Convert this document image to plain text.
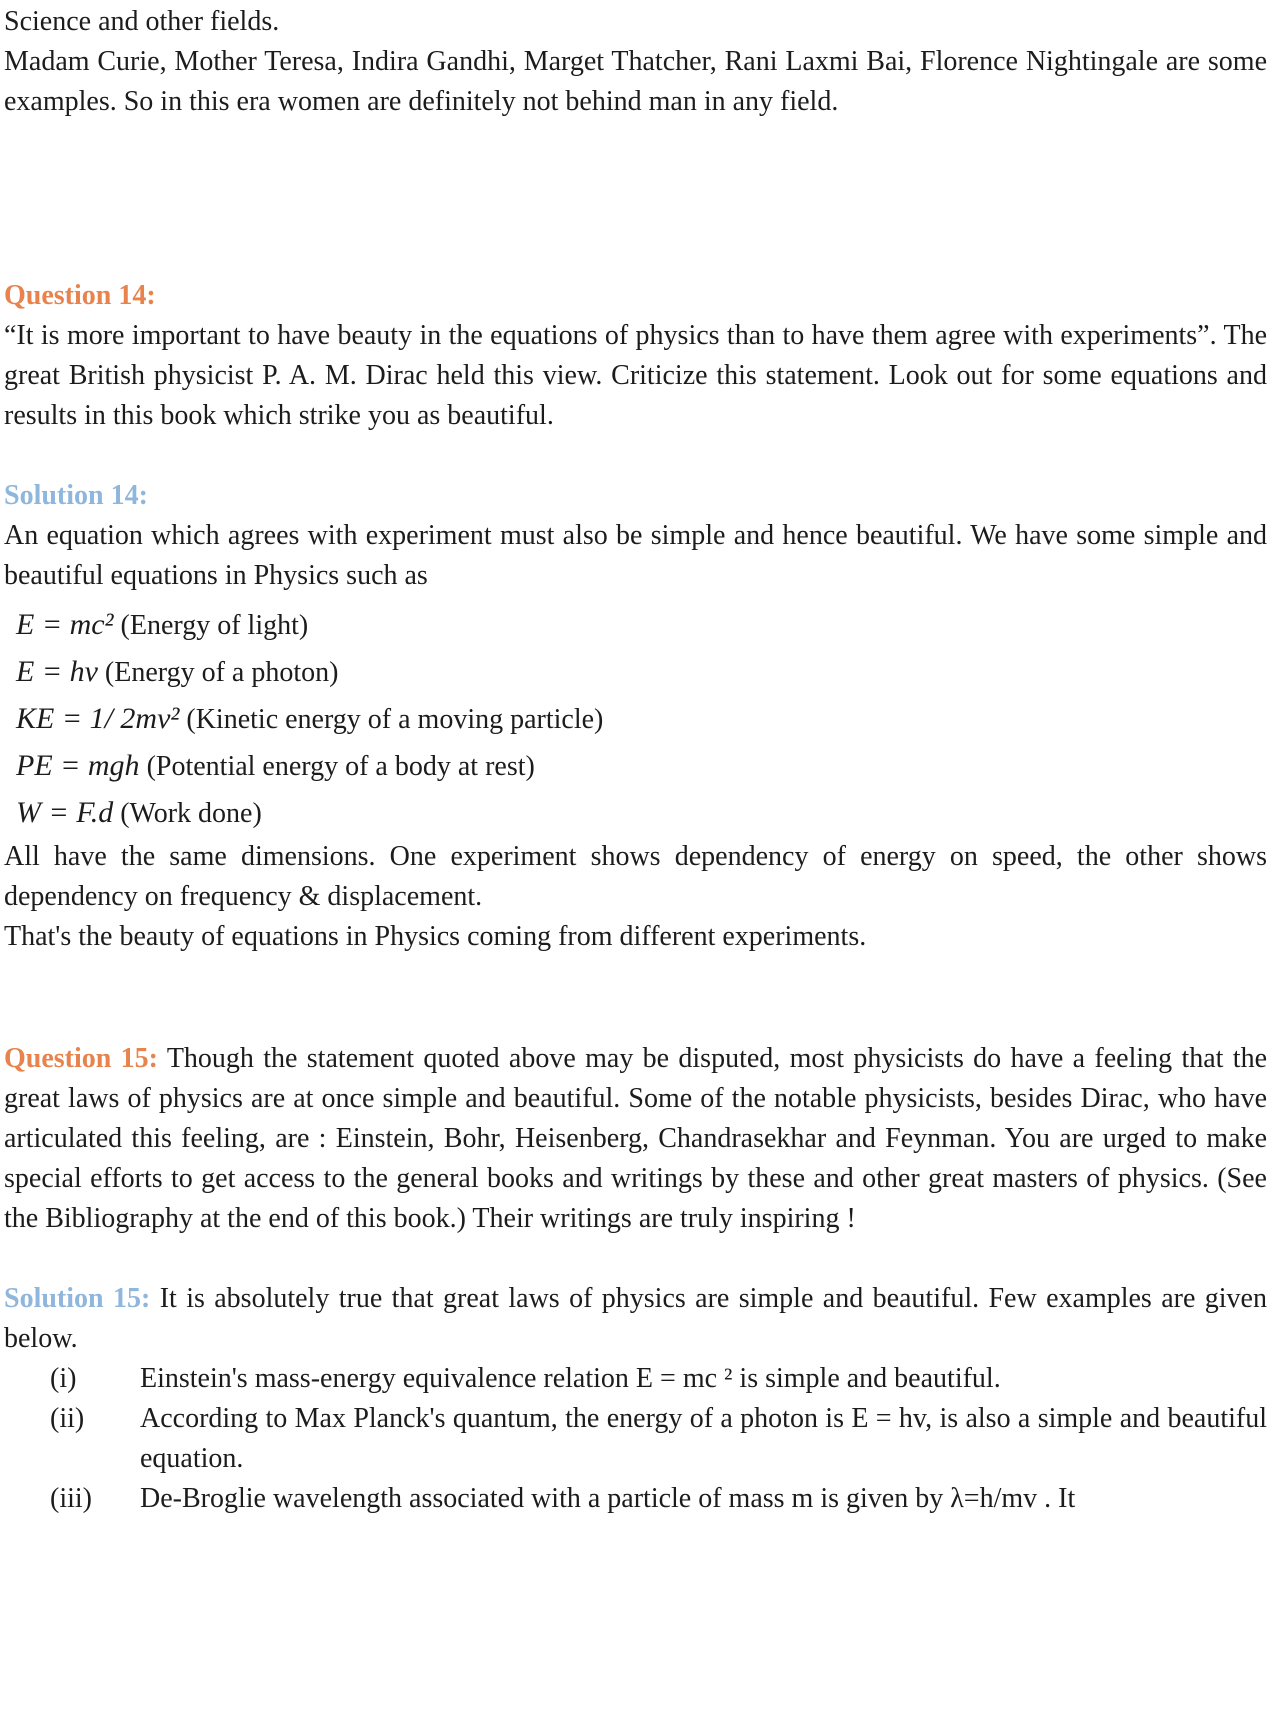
Science and other fields.

Madam Curie, Mother Teresa, Indira Gandhi, Marget Thatcher, Rani Laxmi Bai, Florence Nightingale are some examples. So in this era women are definitely not behind man in any field.

Question 14:

“It is more important to have beauty in the equations of physics than to have them agree with experiments”. The great British physicist P. A. M. Dirac held this view. Criticize this statement. Look out for some equations and results in this book which strike you as beautiful.

Solution 14:

An equation which agrees with experiment must also be simple and hence beautiful. We have some simple and beautiful equations in Physics such as

E = mc² (Energy of light)

E = hv (Energy of a photon)

KE = 1/ 2mv² (Kinetic energy of a moving particle)

PE = mgh (Potential energy of a body at rest)

W = F.d (Work done)

All have the same dimensions. One experiment shows dependency of energy on speed, the other shows dependency on frequency & displacement.

That's the beauty of equations in Physics coming from different experiments.

Question 15: Though the statement quoted above may be disputed, most physicists do have a feeling that the great laws of physics are at once simple and beautiful. Some of the notable physicists, besides Dirac, who have articulated this feeling, are : Einstein, Bohr, Heisenberg, Chandrasekhar and Feynman. You are urged to make special efforts to get access to the general books and writings by these and other great masters of physics. (See the Bibliography at the end of this book.) Their writings are truly inspiring !

Solution 15: It is absolutely true that great laws of physics are simple and beautiful. Few examples are given below.

(i)	Einstein's mass-energy equivalence relation E = mc ² is simple and beautiful.
(ii)	According to Max Planck's quantum, the energy of a photon is E = hv, is also a simple and beautiful equation.
(iii)	De-Broglie wavelength associated with a particle of mass m is given by λ=h/mv . It
